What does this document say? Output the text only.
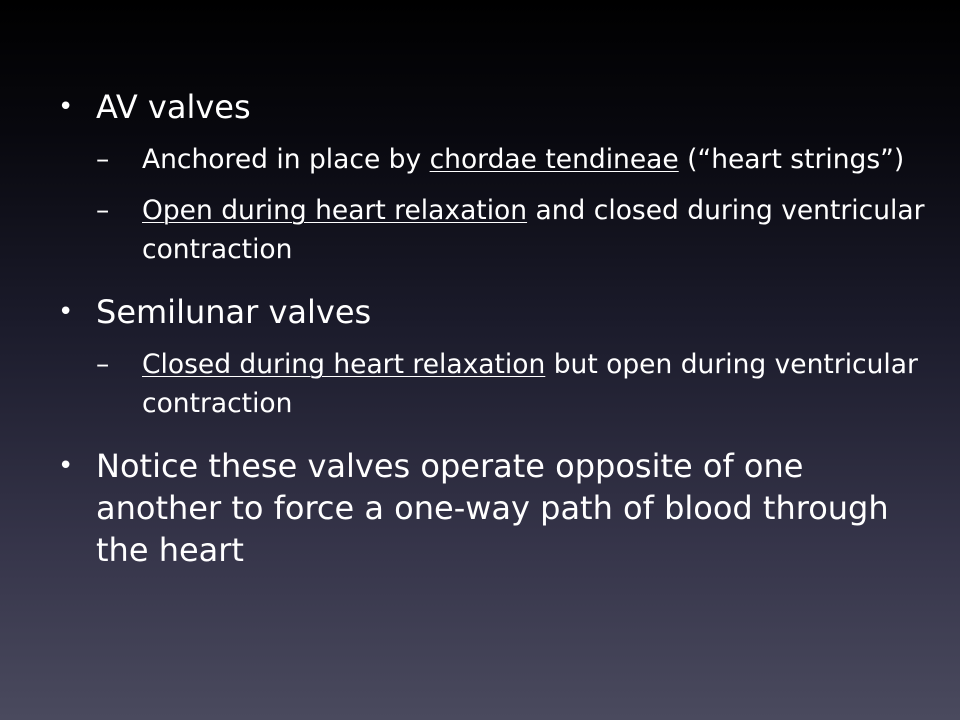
• AV valves
– Anchored in place by chordae tendineae (“heart strings”)
– Open during heart relaxation and closed during ventricular contraction
• Semilunar valves
– Closed during heart relaxation but open during ventricular contraction
• Notice these valves operate opposite of one another to force a one-way path of blood through the heart
